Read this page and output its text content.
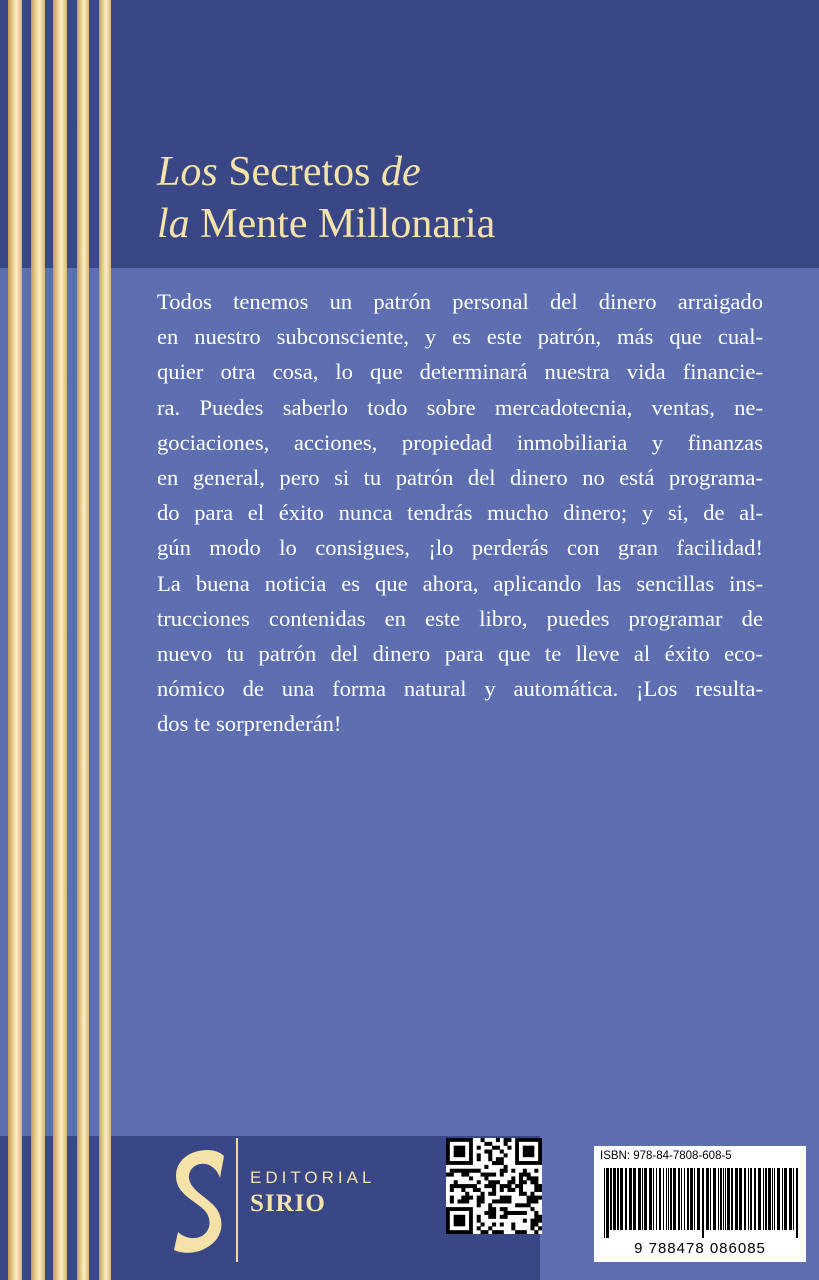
Los Secretos de
la Mente Millonaria
Todos tenemos un patrón personal del dinero arraigado
en nuestro subconsciente, y es este patrón, más que cual-
quier otra cosa, lo que determinará nuestra vida financie-
ra. Puedes saberlo todo sobre mercadotecnia, ventas, ne-
gociaciones, acciones, propiedad inmobiliaria y finanzas
en general, pero si tu patrón del dinero no está programa-
do para el éxito nunca tendrás mucho dinero; y si, de al-
gún modo lo consigues, ¡lo perderás con gran facilidad!
La buena noticia es que ahora, aplicando las sencillas ins-
trucciones contenidas en este libro, puedes programar de
nuevo tu patrón del dinero para que te lleve al éxito eco-
nómico de una forma natural y automática. ¡Los resulta-
dos te sorprenderán!
EDITORIAL
SIRIO
ISBN: 978-84-7808-608-5
9 788478 086085
